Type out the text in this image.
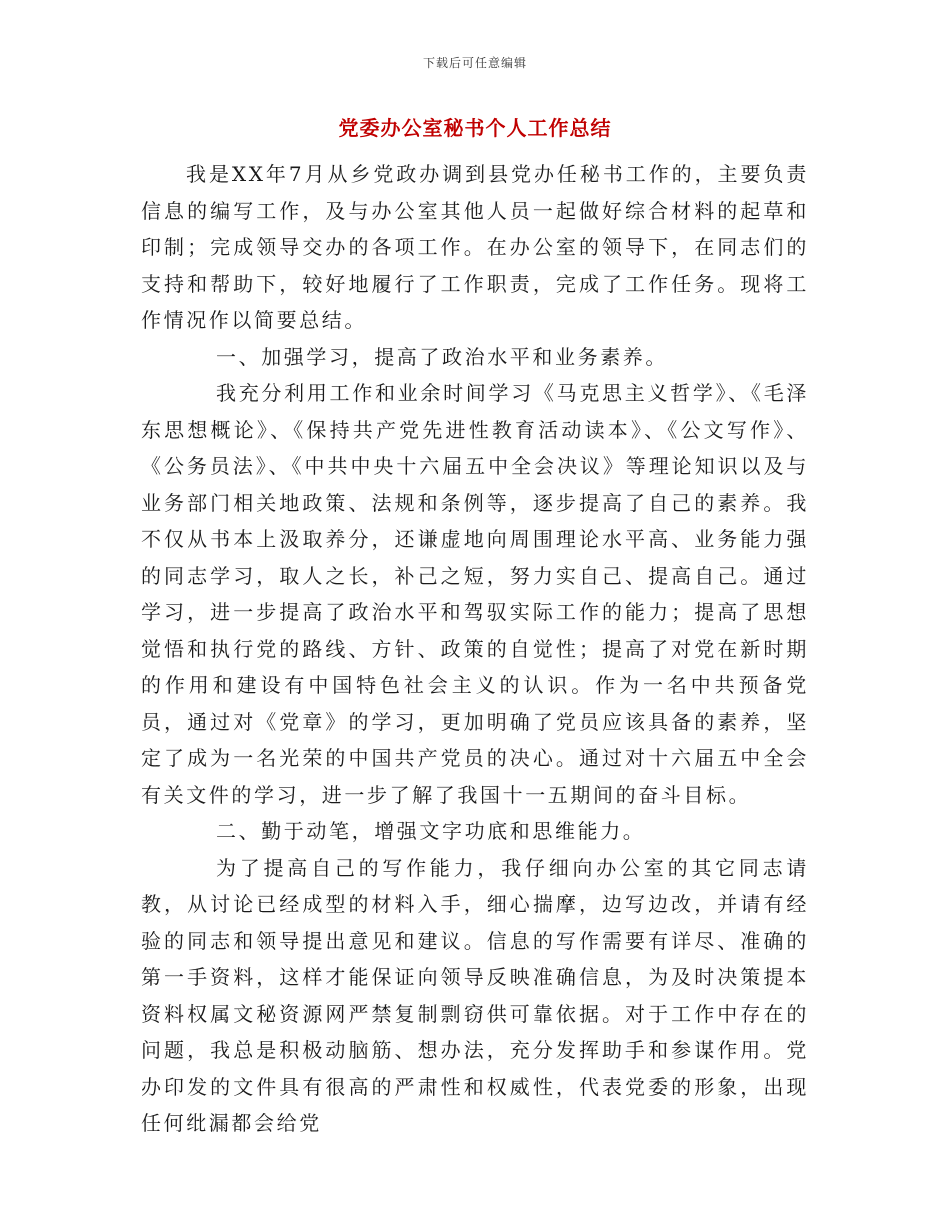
下载后可任意编辑
党委办公室秘书个人工作总结

我是XX年7月从乡党政办调到县党办任秘书工作的，主要负责信息的编写工作，及与办公室其他人员一起做好综合材料的起草和印制；完成领导交办的各项工作。在办公室的领导下，在同志们的支持和帮助下，较好地履行了工作职责，完成了工作任务。现将工作情况作以简要总结。

一、加强学习，提高了政治水平和业务素养。

我充分利用工作和业余时间学习《马克思主义哲学》、《毛泽东思想概论》、《保持共产党先进性教育活动读本》、《公文写作》、《公务员法》、《中共中央十六届五中全会决议》等理论知识以及与业务部门相关地政策、法规和条例等，逐步提高了自己的素养。我不仅从书本上汲取养分，还谦虚地向周围理论水平高、业务能力强的同志学习，取人之长，补己之短，努力实自己、提高自己。通过学习，进一步提高了政治水平和驾驭实际工作的能力；提高了思想觉悟和执行党的路线、方针、政策的自觉性；提高了对党在新时期的作用和建设有中国特色社会主义的认识。作为一名中共预备党员，通过对《党章》的学习，更加明确了党员应该具备的素养，坚定了成为一名光荣的中国共产党员的决心。通过对十六届五中全会有关文件的学习，进一步了解了我国十一五期间的奋斗目标。

二、勤于动笔，增强文字功底和思维能力。

为了提高自己的写作能力，我仔细向办公室的其它同志请教，从讨论已经成型的材料入手，细心揣摩，边写边改，并请有经验的同志和领导提出意见和建议。信息的写作需要有详尽、准确的第一手资料，这样才能保证向领导反映准确信息，为及时决策提本资料权属文秘资源网严禁复制剽窃供可靠依据。对于工作中存在的问题，我总是积极动脑筋、想办法，充分发挥助手和参谋作用。党办印发的文件具有很高的严肃性和权威性，代表党委的形象，出现任何纰漏都会给党
